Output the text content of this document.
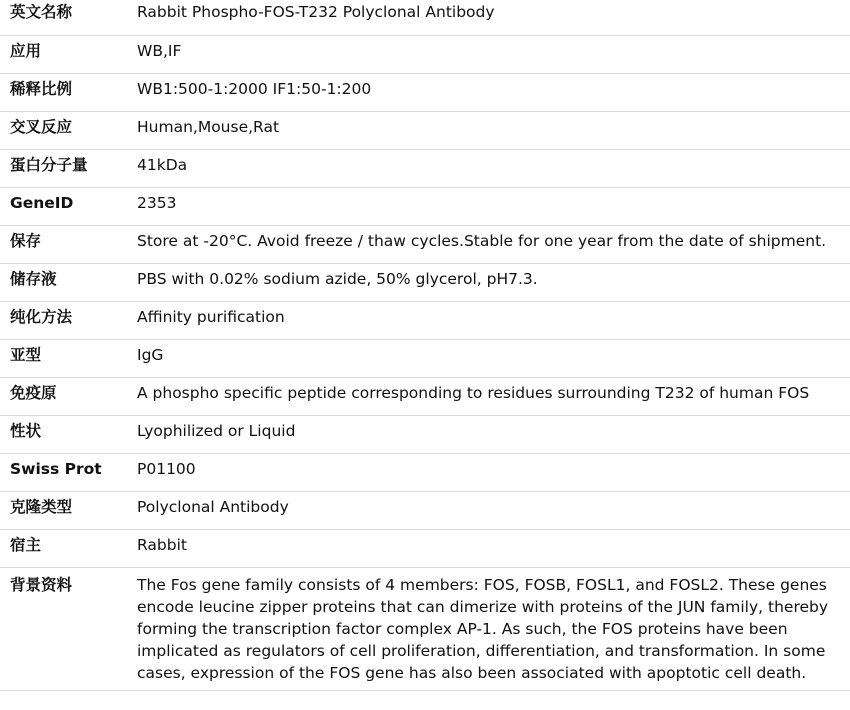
英文名称	Rabbit Phospho-FOS-T232 Polyclonal Antibody
应用	WB,IF
稀释比例	WB1:500-1:2000 IF1:50-1:200
交叉反应	Human,Mouse,Rat
蛋白分子量	41kDa
GeneID	2353
保存	Store at -20°C. Avoid freeze / thaw cycles.Stable for one year from the date of shipment.
储存液	PBS with 0.02% sodium azide, 50% glycerol, pH7.3.
纯化方法	Affinity purification
亚型	IgG
免疫原	A phospho specific peptide corresponding to residues surrounding T232 of human FOS
性状	Lyophilized or Liquid
Swiss Prot	P01100
克隆类型	Polyclonal Antibody
宿主	Rabbit
背景资料	The Fos gene family consists of 4 members: FOS, FOSB, FOSL1, and FOSL2. These genes encode leucine zipper proteins that can dimerize with proteins of the JUN family, thereby forming the transcription factor complex AP-1. As such, the FOS proteins have been implicated as regulators of cell proliferation, differentiation, and transformation. In some cases, expression of the FOS gene has also been associated with apoptotic cell death.
